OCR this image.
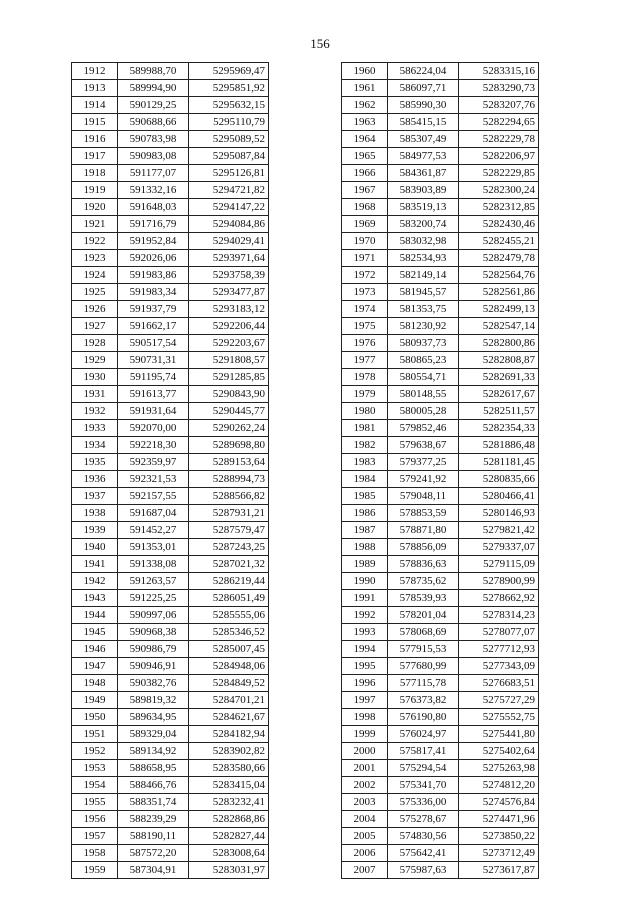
156
1912	589988,70	5295969,47
1913	589994,90	5295851,92
1914	590129,25	5295632,15
1915	590688,66	5295110,79
1916	590783,98	5295089,52
1917	590983,08	5295087,84
1918	591177,07	5295126,81
1919	591332,16	5294721,82
1920	591648,03	5294147,22
1921	591716,79	5294084,86
1922	591952,84	5294029,41
1923	592026,06	5293971,64
1924	591983,86	5293758,39
1925	591983,34	5293477,87
1926	591937,79	5293183,12
1927	591662,17	5292206,44
1928	590517,54	5292203,67
1929	590731,31	5291808,57
1930	591195,74	5291285,85
1931	591613,77	5290843,90
1932	591931,64	5290445,77
1933	592070,00	5290262,24
1934	592218,30	5289698,80
1935	592359,97	5289153,64
1936	592321,53	5288994,73
1937	592157,55	5288566,82
1938	591687,04	5287931,21
1939	591452,27	5287579,47
1940	591353,01	5287243,25
1941	591338,08	5287021,32
1942	591263,57	5286219,44
1943	591225,25	5286051,49
1944	590997,06	5285555,06
1945	590968,38	5285346,52
1946	590986,79	5285007,45
1947	590946,91	5284948,06
1948	590382,76	5284849,52
1949	589819,32	5284701,21
1950	589634,95	5284621,67
1951	589329,04	5284182,94
1952	589134,92	5283902,82
1953	588658,95	5283580,66
1954	588466,76	5283415,04
1955	588351,74	5283232,41
1956	588239,29	5282868,86
1957	588190,11	5282827,44
1958	587572,20	5283008,64
1959	587304,91	5283031,97
1960	586224,04	5283315,16
1961	586097,71	5283290,73
1962	585990,30	5283207,76
1963	585415,15	5282294,65
1964	585307,49	5282229,78
1965	584977,53	5282206,97
1966	584361,87	5282229,85
1967	583903,89	5282300,24
1968	583519,13	5282312,85
1969	583200,74	5282430,46
1970	583032,98	5282455,21
1971	582534,93	5282479,78
1972	582149,14	5282564,76
1973	581945,57	5282561,86
1974	581353,75	5282499,13
1975	581230,92	5282547,14
1976	580937,73	5282800,86
1977	580865,23	5282808,87
1978	580554,71	5282691,33
1979	580148,55	5282617,67
1980	580005,28	5282511,57
1981	579852,46	5282354,33
1982	579638,67	5281886,48
1983	579377,25	5281181,45
1984	579241,92	5280835,66
1985	579048,11	5280466,41
1986	578853,59	5280146,93
1987	578871,80	5279821,42
1988	578856,09	5279337,07
1989	578836,63	5279115,09
1990	578735,62	5278900,99
1991	578539,93	5278662,92
1992	578201,04	5278314,23
1993	578068,69	5278077,07
1994	577915,53	5277712,93
1995	577680,99	5277343,09
1996	577115,78	5276683,51
1997	576373,82	5275727,29
1998	576190,80	5275552,75
1999	576024,97	5275441,80
2000	575817,41	5275402,64
2001	575294,54	5275263,98
2002	575341,70	5274812,20
2003	575336,00	5274576,84
2004	575278,67	5274471,96
2005	574830,56	5273850,22
2006	575642,41	5273712,49
2007	575987,63	5273617,87
